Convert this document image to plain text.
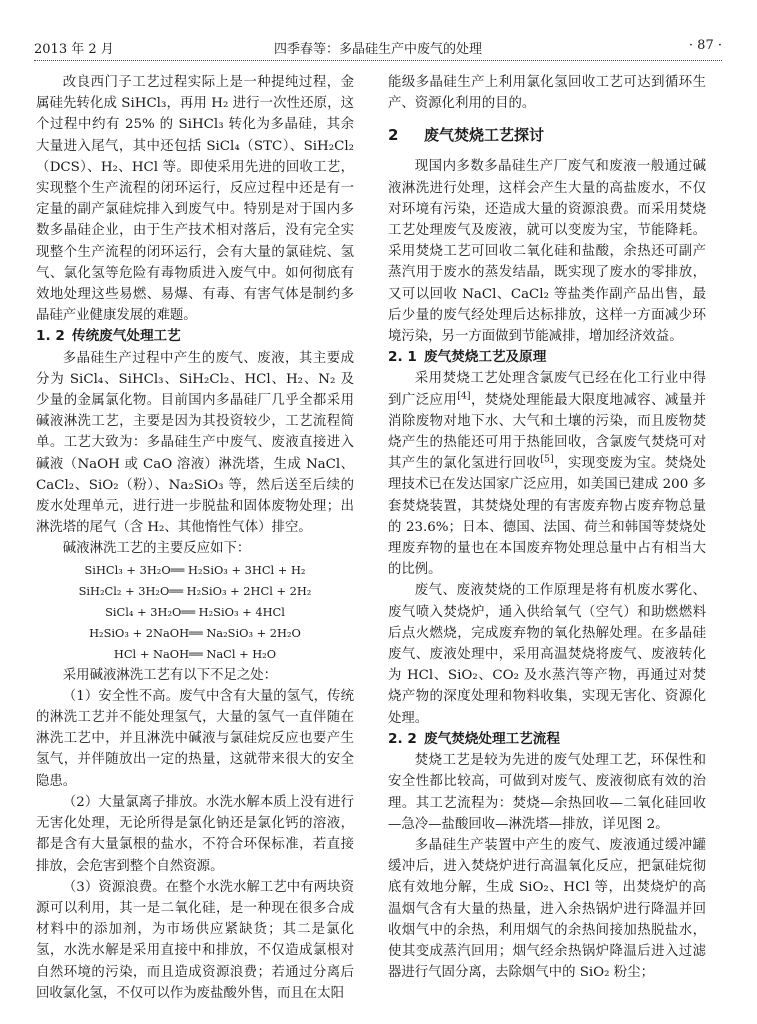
2013 年 2 月	四季春等：多晶硅生产中废气的处理	· 87 ·

改良西门子工艺过程实际上是一种提纯过程，金属硅先转化成 SiHCl₃，再用 H₂ 进行一次性还原，这个过程中约有 25% 的 SiHCl₃ 转化为多晶硅，其余大量进入尾气，其中还包括 SiCl₄（STC）、SiH₂Cl₂（DCS）、H₂、HCl 等。即使采用先进的回收工艺，实现整个生产流程的闭环运行，反应过程中还是有一定量的副产氯硅烷排入到废气中。特别是对于国内多数多晶硅企业，由于生产技术相对落后，没有完全实现整个生产流程的闭环运行，会有大量的氯硅烷、氢气、氯化氢等危险有毒物质进入废气中。如何彻底有效地处理这些易燃、易爆、有毒、有害气体是制约多晶硅产业健康发展的难题。

1. 2 传统废气处理工艺

多晶硅生产过程中产生的废气、废液，其主要成分为 SiCl₄、SiHCl₃、SiH₂Cl₂、HCl、H₂、N₂ 及少量的金属氯化物。目前国内多晶硅厂几乎全都采用碱液淋洗工艺，主要是因为其投资较少，工艺流程简单。工艺大致为：多晶硅生产中废气、废液直接进入碱液（NaOH 或 CaO 溶液）淋洗塔，生成 NaCl、CaCl₂、SiO₂（粉）、Na₂SiO₃ 等，然后送至后续的废水处理单元，进行进一步脱盐和固体废物处理；出淋洗塔的尾气（含 H₂、其他惰性气体）排空。

碱液淋洗工艺的主要反应如下：

SiHCl₃ + 3H₂O══ H₂SiO₃ + 3HCl + H₂
SiH₂Cl₂ + 3H₂O══ H₂SiO₃ + 2HCl + 2H₂
SiCl₄ + 3H₂O══ H₂SiO₃ + 4HCl
H₂SiO₃ + 2NaOH══ Na₂SiO₃ + 2H₂O
HCl + NaOH══ NaCl + H₂O

采用碱液淋洗工艺有以下不足之处：

（1）安全性不高。废气中含有大量的氢气，传统的淋洗工艺并不能处理氢气，大量的氢气一直伴随在淋洗工艺中，并且淋洗中碱液与氯硅烷反应也要产生氢气，并伴随放出一定的热量，这就带来很大的安全隐患。

（2）大量氯离子排放。水洗水解本质上没有进行无害化处理，无论所得是氯化钠还是氯化钙的溶液，都是含有大量氯根的盐水，不符合环保标准，若直接排放，会危害到整个自然资源。

（3）资源浪费。在整个水洗水解工艺中有两块资源可以利用，其一是二氧化硅，是一种现在很多合成材料中的添加剂，为市场供应紧缺货；其二是氯化氢，水洗水解是采用直接中和排放，不仅造成氯根对自然环境的污染，而且造成资源浪费；若通过分离后回收氯化氢，不仅可以作为废盐酸外售，而且在太阳

能级多晶硅生产上利用氯化氢回收工艺可达到循环生产、资源化利用的目的。

2 废气焚烧工艺探讨

现国内多数多晶硅生产厂废气和废液一般通过碱液淋洗进行处理，这样会产生大量的高盐废水，不仅对环境有污染，还造成大量的资源浪费。而采用焚烧工艺处理废气及废液，就可以变废为宝，节能降耗。采用焚烧工艺可回收二氧化硅和盐酸，余热还可副产蒸汽用于废水的蒸发结晶，既实现了废水的零排放，又可以回收 NaCl、CaCl₂ 等盐类作副产品出售，最后少量的废气经处理后达标排放，这样一方面减少环境污染，另一方面做到节能减排，增加经济效益。

2. 1 废气焚烧工艺及原理

采用焚烧工艺处理含氯废气已经在化工行业中得到广泛应用[4]，焚烧处理能最大限度地减容、减量并消除废物对地下水、大气和土壤的污染，而且废物焚烧产生的热能还可用于热能回收，含氯废气焚烧可对其产生的氯化氢进行回收[5]，实现变废为宝。焚烧处理技术已在发达国家广泛应用，如美国已建成 200 多套焚烧装置，其焚烧处理的有害废弃物占废弃物总量的 23.6%；日本、德国、法国、荷兰和韩国等焚烧处理废弃物的量也在本国废弃物处理总量中占有相当大的比例。

废气、废液焚烧的工作原理是将有机废水雾化、废气喷入焚烧炉，通入供给氧气（空气）和助燃燃料后点火燃烧，完成废弃物的氧化热解处理。在多晶硅废气、废液处理中，采用高温焚烧将废气、废液转化为 HCl、SiO₂、CO₂ 及水蒸汽等产物，再通过对焚烧产物的深度处理和物料收集，实现无害化、资源化处理。

2. 2 废气焚烧处理工艺流程

焚烧工艺是较为先进的废气处理工艺，环保性和安全性都比较高，可做到对废气、废液彻底有效的治理。其工艺流程为：焚烧—余热回收—二氧化硅回收—急冷—盐酸回收—淋洗塔—排放，详见图 2。

多晶硅生产装置中产生的废气、废液通过缓冲罐缓冲后，进入焚烧炉进行高温氧化反应，把氯硅烷彻底有效地分解，生成 SiO₂、HCl 等，出焚烧炉的高温烟气含有大量的热量，进入余热锅炉进行降温并回收烟气中的余热，利用烟气的余热间接加热脱盐水，使其变成蒸汽回用；烟气经余热锅炉降温后进入过滤器进行气固分离，去除烟气中的 SiO₂ 粉尘；
